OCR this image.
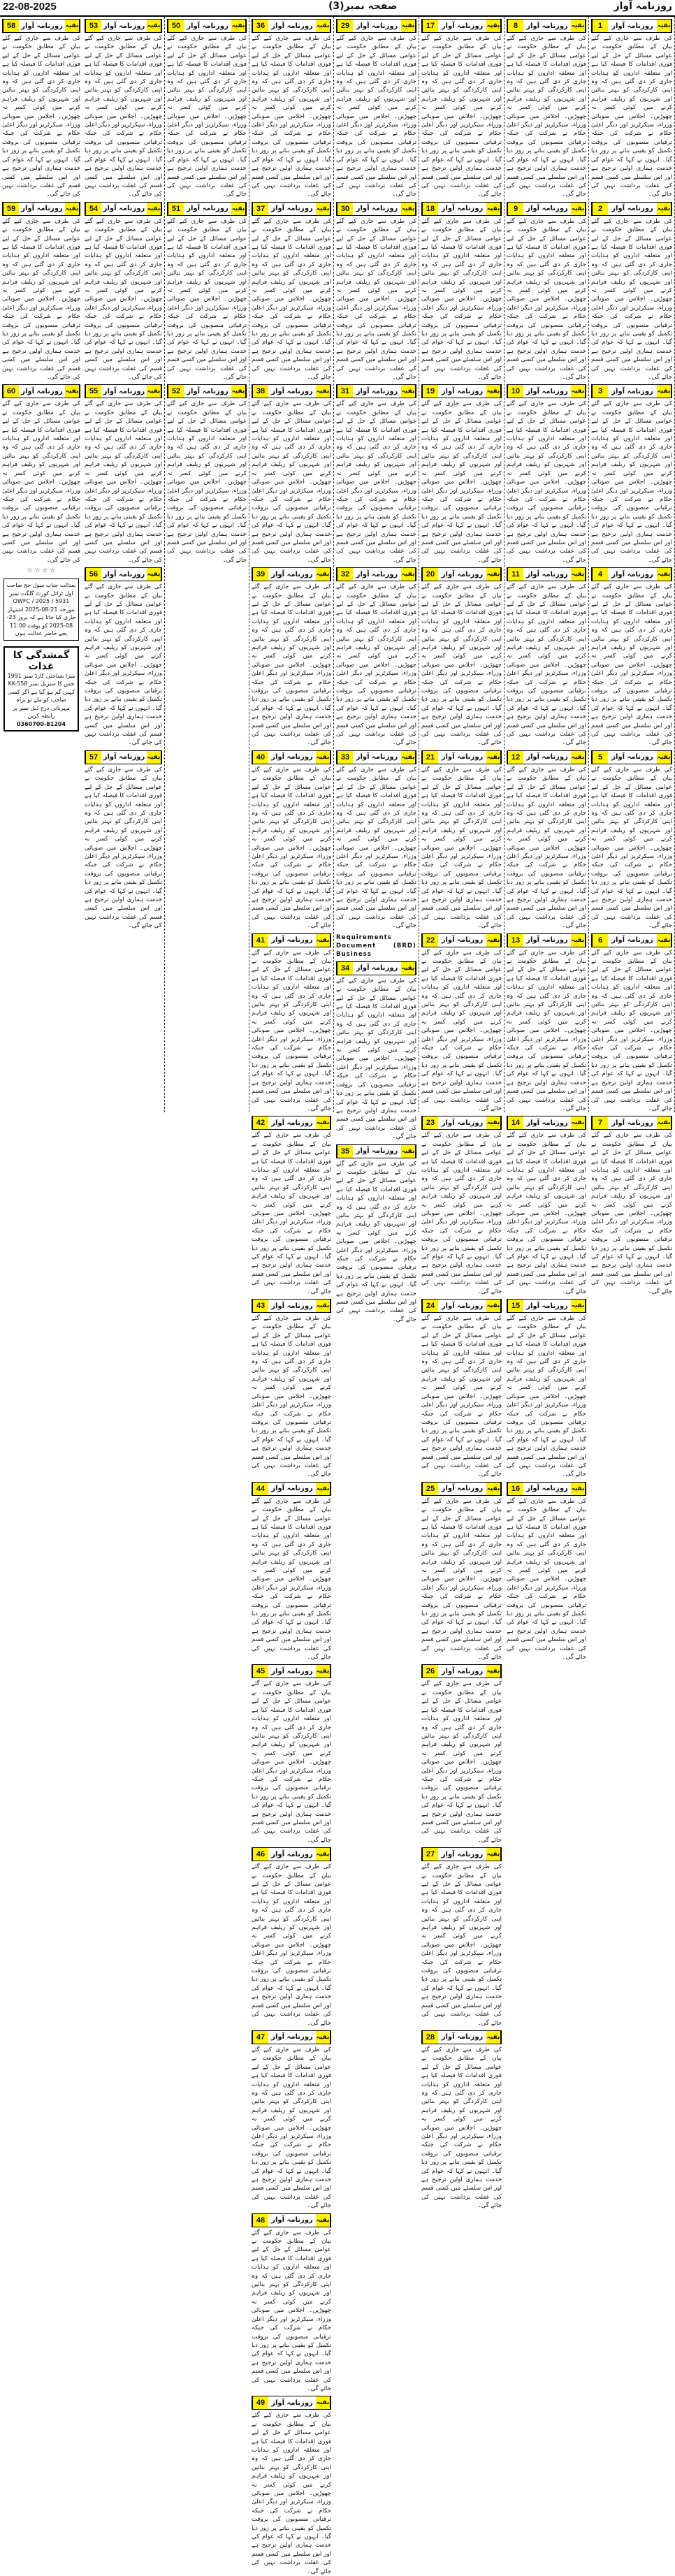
22-08-2025	صفحہ نمبر(3)	روزنامہ آواز
1	روزنامہ آواز بقیہ
کی طرف سے جاری کیے گئے بیان کے مطابق حکومت نے عوامی مسائل کے حل کے لیے فوری اقدامات کا فیصلہ کیا ہے اور متعلقہ اداروں کو ہدایات جاری کر دی گئی ہیں کہ وہ اپنی کارکردگی کو بہتر بنائیں اور شہریوں کو ریلیف فراہم کرنے میں کوئی کسر نہ چھوڑیں۔ اجلاس میں صوبائی وزراء، سیکرٹریز اور دیگر اعلیٰ حکام نے شرکت کی جبکہ ترقیاتی منصوبوں کی بروقت تکمیل کو یقینی بنانے پر زور دیا گیا۔ انہوں نے کہا کہ عوام کی خدمت ہماری اولین ترجیح ہے اور اس سلسلے میں کسی قسم کی غفلت برداشت نہیں کی جائے گی۔
2	روزنامہ آواز بقیہ
کی طرف سے جاری کیے گئے بیان کے مطابق حکومت نے عوامی مسائل کے حل کے لیے فوری اقدامات کا فیصلہ کیا ہے اور متعلقہ اداروں کو ہدایات جاری کر دی گئی ہیں کہ وہ اپنی کارکردگی کو بہتر بنائیں اور شہریوں کو ریلیف فراہم کرنے میں کوئی کسر نہ چھوڑیں۔ اجلاس میں صوبائی وزراء، سیکرٹریز اور دیگر اعلیٰ حکام نے شرکت کی جبکہ ترقیاتی منصوبوں کی بروقت تکمیل کو یقینی بنانے پر زور دیا گیا۔ انہوں نے کہا کہ عوام کی خدمت ہماری اولین ترجیح ہے اور اس سلسلے میں کسی قسم کی غفلت برداشت نہیں کی جائے گی۔
3	روزنامہ آواز بقیہ
کی طرف سے جاری کیے گئے بیان کے مطابق حکومت نے عوامی مسائل کے حل کے لیے فوری اقدامات کا فیصلہ کیا ہے اور متعلقہ اداروں کو ہدایات جاری کر دی گئی ہیں کہ وہ اپنی کارکردگی کو بہتر بنائیں اور شہریوں کو ریلیف فراہم کرنے میں کوئی کسر نہ چھوڑیں۔ اجلاس میں صوبائی وزراء، سیکرٹریز اور دیگر اعلیٰ حکام نے شرکت کی جبکہ ترقیاتی منصوبوں کی بروقت تکمیل کو یقینی بنانے پر زور دیا گیا۔ انہوں نے کہا کہ عوام کی خدمت ہماری اولین ترجیح ہے اور اس سلسلے میں کسی قسم کی غفلت برداشت نہیں کی جائے گی۔
4	روزنامہ آواز بقیہ
کی طرف سے جاری کیے گئے بیان کے مطابق حکومت نے عوامی مسائل کے حل کے لیے فوری اقدامات کا فیصلہ کیا ہے اور متعلقہ اداروں کو ہدایات جاری کر دی گئی ہیں کہ وہ اپنی کارکردگی کو بہتر بنائیں اور شہریوں کو ریلیف فراہم کرنے میں کوئی کسر نہ چھوڑیں۔ اجلاس میں صوبائی وزراء، سیکرٹریز اور دیگر اعلیٰ حکام نے شرکت کی جبکہ ترقیاتی منصوبوں کی بروقت تکمیل کو یقینی بنانے پر زور دیا گیا۔ انہوں نے کہا کہ عوام کی خدمت ہماری اولین ترجیح ہے اور اس سلسلے میں کسی قسم کی غفلت برداشت نہیں کی جائے گی۔
5	روزنامہ آواز بقیہ
کی طرف سے جاری کیے گئے بیان کے مطابق حکومت نے عوامی مسائل کے حل کے لیے فوری اقدامات کا فیصلہ کیا ہے اور متعلقہ اداروں کو ہدایات جاری کر دی گئی ہیں کہ وہ اپنی کارکردگی کو بہتر بنائیں اور شہریوں کو ریلیف فراہم کرنے میں کوئی کسر نہ چھوڑیں۔ اجلاس میں صوبائی وزراء، سیکرٹریز اور دیگر اعلیٰ حکام نے شرکت کی جبکہ ترقیاتی منصوبوں کی بروقت تکمیل کو یقینی بنانے پر زور دیا گیا۔ انہوں نے کہا کہ عوام کی خدمت ہماری اولین ترجیح ہے اور اس سلسلے میں کسی قسم کی غفلت برداشت نہیں کی جائے گی۔
6	روزنامہ آواز بقیہ
کی طرف سے جاری کیے گئے بیان کے مطابق حکومت نے عوامی مسائل کے حل کے لیے فوری اقدامات کا فیصلہ کیا ہے اور متعلقہ اداروں کو ہدایات جاری کر دی گئی ہیں کہ وہ اپنی کارکردگی کو بہتر بنائیں اور شہریوں کو ریلیف فراہم کرنے میں کوئی کسر نہ چھوڑیں۔ اجلاس میں صوبائی وزراء، سیکرٹریز اور دیگر اعلیٰ حکام نے شرکت کی جبکہ ترقیاتی منصوبوں کی بروقت تکمیل کو یقینی بنانے پر زور دیا گیا۔ انہوں نے کہا کہ عوام کی خدمت ہماری اولین ترجیح ہے اور اس سلسلے میں کسی قسم کی غفلت برداشت نہیں کی جائے گی۔
7	روزنامہ آواز بقیہ
کی طرف سے جاری کیے گئے بیان کے مطابق حکومت نے عوامی مسائل کے حل کے لیے فوری اقدامات کا فیصلہ کیا ہے اور متعلقہ اداروں کو ہدایات جاری کر دی گئی ہیں کہ وہ اپنی کارکردگی کو بہتر بنائیں اور شہریوں کو ریلیف فراہم کرنے میں کوئی کسر نہ چھوڑیں۔ اجلاس میں صوبائی وزراء، سیکرٹریز اور دیگر اعلیٰ حکام نے شرکت کی جبکہ ترقیاتی منصوبوں کی بروقت تکمیل کو یقینی بنانے پر زور دیا گیا۔ انہوں نے کہا کہ عوام کی خدمت ہماری اولین ترجیح ہے اور اس سلسلے میں کسی قسم کی غفلت برداشت نہیں کی جائے گی۔
8	روزنامہ آواز بقیہ
کی طرف سے جاری کیے گئے بیان کے مطابق حکومت نے عوامی مسائل کے حل کے لیے فوری اقدامات کا فیصلہ کیا ہے اور متعلقہ اداروں کو ہدایات جاری کر دی گئی ہیں کہ وہ اپنی کارکردگی کو بہتر بنائیں اور شہریوں کو ریلیف فراہم کرنے میں کوئی کسر نہ چھوڑیں۔ اجلاس میں صوبائی وزراء، سیکرٹریز اور دیگر اعلیٰ حکام نے شرکت کی جبکہ ترقیاتی منصوبوں کی بروقت تکمیل کو یقینی بنانے پر زور دیا گیا۔ انہوں نے کہا کہ عوام کی خدمت ہماری اولین ترجیح ہے اور اس سلسلے میں کسی قسم کی غفلت برداشت نہیں کی جائے گی۔
9	روزنامہ آواز بقیہ
کی طرف سے جاری کیے گئے بیان کے مطابق حکومت نے عوامی مسائل کے حل کے لیے فوری اقدامات کا فیصلہ کیا ہے اور متعلقہ اداروں کو ہدایات جاری کر دی گئی ہیں کہ وہ اپنی کارکردگی کو بہتر بنائیں اور شہریوں کو ریلیف فراہم کرنے میں کوئی کسر نہ چھوڑیں۔ اجلاس میں صوبائی وزراء، سیکرٹریز اور دیگر اعلیٰ حکام نے شرکت کی جبکہ ترقیاتی منصوبوں کی بروقت تکمیل کو یقینی بنانے پر زور دیا گیا۔ انہوں نے کہا کہ عوام کی خدمت ہماری اولین ترجیح ہے اور اس سلسلے میں کسی قسم کی غفلت برداشت نہیں کی جائے گی۔
10 روزنامہ آواز بقیہ
کی طرف سے جاری کیے گئے بیان کے مطابق حکومت نے عوامی مسائل کے حل کے لیے فوری اقدامات کا فیصلہ کیا ہے اور متعلقہ اداروں کو ہدایات جاری کر دی گئی ہیں کہ وہ اپنی کارکردگی کو بہتر بنائیں اور شہریوں کو ریلیف فراہم کرنے میں کوئی کسر نہ چھوڑیں۔ اجلاس میں صوبائی وزراء، سیکرٹریز اور دیگر اعلیٰ حکام نے شرکت کی جبکہ ترقیاتی منصوبوں کی بروقت تکمیل کو یقینی بنانے پر زور دیا گیا۔ انہوں نے کہا کہ عوام کی خدمت ہماری اولین ترجیح ہے اور اس سلسلے میں کسی قسم کی غفلت برداشت نہیں کی جائے گی۔
11 روزنامہ آواز بقیہ
کی طرف سے جاری کیے گئے بیان کے مطابق حکومت نے عوامی مسائل کے حل کے لیے فوری اقدامات کا فیصلہ کیا ہے اور متعلقہ اداروں کو ہدایات جاری کر دی گئی ہیں کہ وہ اپنی کارکردگی کو بہتر بنائیں اور شہریوں کو ریلیف فراہم کرنے میں کوئی کسر نہ چھوڑیں۔ اجلاس میں صوبائی وزراء، سیکرٹریز اور دیگر اعلیٰ حکام نے شرکت کی جبکہ ترقیاتی منصوبوں کی بروقت تکمیل کو یقینی بنانے پر زور دیا گیا۔ انہوں نے کہا کہ عوام کی خدمت ہماری اولین ترجیح ہے اور اس سلسلے میں کسی قسم کی غفلت برداشت نہیں کی جائے گی۔
12 روزنامہ آواز بقیہ
کی طرف سے جاری کیے گئے بیان کے مطابق حکومت نے عوامی مسائل کے حل کے لیے فوری اقدامات کا فیصلہ کیا ہے اور متعلقہ اداروں کو ہدایات جاری کر دی گئی ہیں کہ وہ اپنی کارکردگی کو بہتر بنائیں اور شہریوں کو ریلیف فراہم کرنے میں کوئی کسر نہ چھوڑیں۔ اجلاس میں صوبائی وزراء، سیکرٹریز اور دیگر اعلیٰ حکام نے شرکت کی جبکہ ترقیاتی منصوبوں کی بروقت تکمیل کو یقینی بنانے پر زور دیا گیا۔ انہوں نے کہا کہ عوام کی خدمت ہماری اولین ترجیح ہے اور اس سلسلے میں کسی قسم کی غفلت برداشت نہیں کی جائے گی۔
13 روزنامہ آواز بقیہ
کی طرف سے جاری کیے گئے بیان کے مطابق حکومت نے عوامی مسائل کے حل کے لیے فوری اقدامات کا فیصلہ کیا ہے اور متعلقہ اداروں کو ہدایات جاری کر دی گئی ہیں کہ وہ اپنی کارکردگی کو بہتر بنائیں اور شہریوں کو ریلیف فراہم کرنے میں کوئی کسر نہ چھوڑیں۔ اجلاس میں صوبائی وزراء، سیکرٹریز اور دیگر اعلیٰ حکام نے شرکت کی جبکہ ترقیاتی منصوبوں کی بروقت تکمیل کو یقینی بنانے پر زور دیا گیا۔ انہوں نے کہا کہ عوام کی خدمت ہماری اولین ترجیح ہے اور اس سلسلے میں کسی قسم کی غفلت برداشت نہیں کی جائے گی۔
14 روزنامہ آواز بقیہ
کی طرف سے جاری کیے گئے بیان کے مطابق حکومت نے عوامی مسائل کے حل کے لیے فوری اقدامات کا فیصلہ کیا ہے اور متعلقہ اداروں کو ہدایات جاری کر دی گئی ہیں کہ وہ اپنی کارکردگی کو بہتر بنائیں اور شہریوں کو ریلیف فراہم کرنے میں کوئی کسر نہ چھوڑیں۔ اجلاس میں صوبائی وزراء، سیکرٹریز اور دیگر اعلیٰ حکام نے شرکت کی جبکہ ترقیاتی منصوبوں کی بروقت تکمیل کو یقینی بنانے پر زور دیا گیا۔ انہوں نے کہا کہ عوام کی خدمت ہماری اولین ترجیح ہے اور اس سلسلے میں کسی قسم کی غفلت برداشت نہیں کی جائے گی۔
15 روزنامہ آواز بقیہ
کی طرف سے جاری کیے گئے بیان کے مطابق حکومت نے عوامی مسائل کے حل کے لیے فوری اقدامات کا فیصلہ کیا ہے اور متعلقہ اداروں کو ہدایات جاری کر دی گئی ہیں کہ وہ اپنی کارکردگی کو بہتر بنائیں اور شہریوں کو ریلیف فراہم کرنے میں کوئی کسر نہ چھوڑیں۔ اجلاس میں صوبائی وزراء، سیکرٹریز اور دیگر اعلیٰ حکام نے شرکت کی جبکہ ترقیاتی منصوبوں کی بروقت تکمیل کو یقینی بنانے پر زور دیا گیا۔ انہوں نے کہا کہ عوام کی خدمت ہماری اولین ترجیح ہے اور اس سلسلے میں کسی قسم کی غفلت برداشت نہیں کی جائے گی۔
16 روزنامہ آواز بقیہ
کی طرف سے جاری کیے گئے بیان کے مطابق حکومت نے عوامی مسائل کے حل کے لیے فوری اقدامات کا فیصلہ کیا ہے اور متعلقہ اداروں کو ہدایات جاری کر دی گئی ہیں کہ وہ اپنی کارکردگی کو بہتر بنائیں اور شہریوں کو ریلیف فراہم کرنے میں کوئی کسر نہ چھوڑیں۔ اجلاس میں صوبائی وزراء، سیکرٹریز اور دیگر اعلیٰ حکام نے شرکت کی جبکہ ترقیاتی منصوبوں کی بروقت تکمیل کو یقینی بنانے پر زور دیا گیا۔ انہوں نے کہا کہ عوام کی خدمت ہماری اولین ترجیح ہے اور اس سلسلے میں کسی قسم کی غفلت برداشت نہیں کی جائے گی۔
17 روزنامہ آواز بقیہ
کی طرف سے جاری کیے گئے بیان کے مطابق حکومت نے عوامی مسائل کے حل کے لیے فوری اقدامات کا فیصلہ کیا ہے اور متعلقہ اداروں کو ہدایات جاری کر دی گئی ہیں کہ وہ اپنی کارکردگی کو بہتر بنائیں اور شہریوں کو ریلیف فراہم کرنے میں کوئی کسر نہ چھوڑیں۔ اجلاس میں صوبائی وزراء، سیکرٹریز اور دیگر اعلیٰ حکام نے شرکت کی جبکہ ترقیاتی منصوبوں کی بروقت تکمیل کو یقینی بنانے پر زور دیا گیا۔ انہوں نے کہا کہ عوام کی خدمت ہماری اولین ترجیح ہے اور اس سلسلے میں کسی قسم کی غفلت برداشت نہیں کی جائے گی۔
18 روزنامہ آواز بقیہ
کی طرف سے جاری کیے گئے بیان کے مطابق حکومت نے عوامی مسائل کے حل کے لیے فوری اقدامات کا فیصلہ کیا ہے اور متعلقہ اداروں کو ہدایات جاری کر دی گئی ہیں کہ وہ اپنی کارکردگی کو بہتر بنائیں اور شہریوں کو ریلیف فراہم کرنے میں کوئی کسر نہ چھوڑیں۔ اجلاس میں صوبائی وزراء، سیکرٹریز اور دیگر اعلیٰ حکام نے شرکت کی جبکہ ترقیاتی منصوبوں کی بروقت تکمیل کو یقینی بنانے پر زور دیا گیا۔ انہوں نے کہا کہ عوام کی خدمت ہماری اولین ترجیح ہے اور اس سلسلے میں کسی قسم کی غفلت برداشت نہیں کی جائے گی۔
19 روزنامہ آواز بقیہ
کی طرف سے جاری کیے گئے بیان کے مطابق حکومت نے عوامی مسائل کے حل کے لیے فوری اقدامات کا فیصلہ کیا ہے اور متعلقہ اداروں کو ہدایات جاری کر دی گئی ہیں کہ وہ اپنی کارکردگی کو بہتر بنائیں اور شہریوں کو ریلیف فراہم کرنے میں کوئی کسر نہ چھوڑیں۔ اجلاس میں صوبائی وزراء، سیکرٹریز اور دیگر اعلیٰ حکام نے شرکت کی جبکہ ترقیاتی منصوبوں کی بروقت تکمیل کو یقینی بنانے پر زور دیا گیا۔ انہوں نے کہا کہ عوام کی خدمت ہماری اولین ترجیح ہے اور اس سلسلے میں کسی قسم کی غفلت برداشت نہیں کی جائے گی۔
20 روزنامہ آواز بقیہ
کی طرف سے جاری کیے گئے بیان کے مطابق حکومت نے عوامی مسائل کے حل کے لیے فوری اقدامات کا فیصلہ کیا ہے اور متعلقہ اداروں کو ہدایات جاری کر دی گئی ہیں کہ وہ اپنی کارکردگی کو بہتر بنائیں اور شہریوں کو ریلیف فراہم کرنے میں کوئی کسر نہ چھوڑیں۔ اجلاس میں صوبائی وزراء، سیکرٹریز اور دیگر اعلیٰ حکام نے شرکت کی جبکہ ترقیاتی منصوبوں کی بروقت تکمیل کو یقینی بنانے پر زور دیا گیا۔ انہوں نے کہا کہ عوام کی خدمت ہماری اولین ترجیح ہے اور اس سلسلے میں کسی قسم کی غفلت برداشت نہیں کی جائے گی۔
21 روزنامہ آواز بقیہ
کی طرف سے جاری کیے گئے بیان کے مطابق حکومت نے عوامی مسائل کے حل کے لیے فوری اقدامات کا فیصلہ کیا ہے اور متعلقہ اداروں کو ہدایات جاری کر دی گئی ہیں کہ وہ اپنی کارکردگی کو بہتر بنائیں اور شہریوں کو ریلیف فراہم کرنے میں کوئی کسر نہ چھوڑیں۔ اجلاس میں صوبائی وزراء، سیکرٹریز اور دیگر اعلیٰ حکام نے شرکت کی جبکہ ترقیاتی منصوبوں کی بروقت تکمیل کو یقینی بنانے پر زور دیا گیا۔ انہوں نے کہا کہ عوام کی خدمت ہماری اولین ترجیح ہے اور اس سلسلے میں کسی قسم کی غفلت برداشت نہیں کی جائے گی۔
22 روزنامہ آواز بقیہ
کی طرف سے جاری کیے گئے بیان کے مطابق حکومت نے عوامی مسائل کے حل کے لیے فوری اقدامات کا فیصلہ کیا ہے اور متعلقہ اداروں کو ہدایات جاری کر دی گئی ہیں کہ وہ اپنی کارکردگی کو بہتر بنائیں اور شہریوں کو ریلیف فراہم کرنے میں کوئی کسر نہ چھوڑیں۔ اجلاس میں صوبائی وزراء، سیکرٹریز اور دیگر اعلیٰ حکام نے شرکت کی جبکہ ترقیاتی منصوبوں کی بروقت تکمیل کو یقینی بنانے پر زور دیا گیا۔ انہوں نے کہا کہ عوام کی خدمت ہماری اولین ترجیح ہے اور اس سلسلے میں کسی قسم کی غفلت برداشت نہیں کی جائے گی۔
23 روزنامہ آواز بقیہ
کی طرف سے جاری کیے گئے بیان کے مطابق حکومت نے عوامی مسائل کے حل کے لیے فوری اقدامات کا فیصلہ کیا ہے اور متعلقہ اداروں کو ہدایات جاری کر دی گئی ہیں کہ وہ اپنی کارکردگی کو بہتر بنائیں اور شہریوں کو ریلیف فراہم کرنے میں کوئی کسر نہ چھوڑیں۔ اجلاس میں صوبائی وزراء، سیکرٹریز اور دیگر اعلیٰ حکام نے شرکت کی جبکہ ترقیاتی منصوبوں کی بروقت تکمیل کو یقینی بنانے پر زور دیا گیا۔ انہوں نے کہا کہ عوام کی خدمت ہماری اولین ترجیح ہے اور اس سلسلے میں کسی قسم کی غفلت برداشت نہیں کی جائے گی۔
24 روزنامہ آواز بقیہ
کی طرف سے جاری کیے گئے بیان کے مطابق حکومت نے عوامی مسائل کے حل کے لیے فوری اقدامات کا فیصلہ کیا ہے اور متعلقہ اداروں کو ہدایات جاری کر دی گئی ہیں کہ وہ اپنی کارکردگی کو بہتر بنائیں اور شہریوں کو ریلیف فراہم کرنے میں کوئی کسر نہ چھوڑیں۔ اجلاس میں صوبائی وزراء، سیکرٹریز اور دیگر اعلیٰ حکام نے شرکت کی جبکہ ترقیاتی منصوبوں کی بروقت تکمیل کو یقینی بنانے پر زور دیا گیا۔ انہوں نے کہا کہ عوام کی خدمت ہماری اولین ترجیح ہے اور اس سلسلے میں کسی قسم کی غفلت برداشت نہیں کی جائے گی۔
25 روزنامہ آواز بقیہ
کی طرف سے جاری کیے گئے بیان کے مطابق حکومت نے عوامی مسائل کے حل کے لیے فوری اقدامات کا فیصلہ کیا ہے اور متعلقہ اداروں کو ہدایات جاری کر دی گئی ہیں کہ وہ اپنی کارکردگی کو بہتر بنائیں اور شہریوں کو ریلیف فراہم کرنے میں کوئی کسر نہ چھوڑیں۔ اجلاس میں صوبائی وزراء، سیکرٹریز اور دیگر اعلیٰ حکام نے شرکت کی جبکہ ترقیاتی منصوبوں کی بروقت تکمیل کو یقینی بنانے پر زور دیا گیا۔ انہوں نے کہا کہ عوام کی خدمت ہماری اولین ترجیح ہے اور اس سلسلے میں کسی قسم کی غفلت برداشت نہیں کی جائے گی۔
26 روزنامہ آواز بقیہ
کی طرف سے جاری کیے گئے بیان کے مطابق حکومت نے عوامی مسائل کے حل کے لیے فوری اقدامات کا فیصلہ کیا ہے اور متعلقہ اداروں کو ہدایات جاری کر دی گئی ہیں کہ وہ اپنی کارکردگی کو بہتر بنائیں اور شہریوں کو ریلیف فراہم کرنے میں کوئی کسر نہ چھوڑیں۔ اجلاس میں صوبائی وزراء، سیکرٹریز اور دیگر اعلیٰ حکام نے شرکت کی جبکہ ترقیاتی منصوبوں کی بروقت تکمیل کو یقینی بنانے پر زور دیا گیا۔ انہوں نے کہا کہ عوام کی خدمت ہماری اولین ترجیح ہے اور اس سلسلے میں کسی قسم کی غفلت برداشت نہیں کی جائے گی۔
27 روزنامہ آواز بقیہ
کی طرف سے جاری کیے گئے بیان کے مطابق حکومت نے عوامی مسائل کے حل کے لیے فوری اقدامات کا فیصلہ کیا ہے اور متعلقہ اداروں کو ہدایات جاری کر دی گئی ہیں کہ وہ اپنی کارکردگی کو بہتر بنائیں اور شہریوں کو ریلیف فراہم کرنے میں کوئی کسر نہ چھوڑیں۔ اجلاس میں صوبائی وزراء، سیکرٹریز اور دیگر اعلیٰ حکام نے شرکت کی جبکہ ترقیاتی منصوبوں کی بروقت تکمیل کو یقینی بنانے پر زور دیا گیا۔ انہوں نے کہا کہ عوام کی خدمت ہماری اولین ترجیح ہے اور اس سلسلے میں کسی قسم کی غفلت برداشت نہیں کی جائے گی۔
28 روزنامہ آواز بقیہ
کی طرف سے جاری کیے گئے بیان کے مطابق حکومت نے عوامی مسائل کے حل کے لیے فوری اقدامات کا فیصلہ کیا ہے اور متعلقہ اداروں کو ہدایات جاری کر دی گئی ہیں کہ وہ اپنی کارکردگی کو بہتر بنائیں اور شہریوں کو ریلیف فراہم کرنے میں کوئی کسر نہ چھوڑیں۔ اجلاس میں صوبائی وزراء، سیکرٹریز اور دیگر اعلیٰ حکام نے شرکت کی جبکہ ترقیاتی منصوبوں کی بروقت تکمیل کو یقینی بنانے پر زور دیا گیا۔ انہوں نے کہا کہ عوام کی خدمت ہماری اولین ترجیح ہے اور اس سلسلے میں کسی قسم کی غفلت برداشت نہیں کی جائے گی۔
29 روزنامہ آواز بقیہ
کی طرف سے جاری کیے گئے بیان کے مطابق حکومت نے عوامی مسائل کے حل کے لیے فوری اقدامات کا فیصلہ کیا ہے اور متعلقہ اداروں کو ہدایات جاری کر دی گئی ہیں کہ وہ اپنی کارکردگی کو بہتر بنائیں اور شہریوں کو ریلیف فراہم کرنے میں کوئی کسر نہ چھوڑیں۔ اجلاس میں صوبائی وزراء، سیکرٹریز اور دیگر اعلیٰ حکام نے شرکت کی جبکہ ترقیاتی منصوبوں کی بروقت تکمیل کو یقینی بنانے پر زور دیا گیا۔ انہوں نے کہا کہ عوام کی خدمت ہماری اولین ترجیح ہے اور اس سلسلے میں کسی قسم کی غفلت برداشت نہیں کی جائے گی۔
30 روزنامہ آواز بقیہ
کی طرف سے جاری کیے گئے بیان کے مطابق حکومت نے عوامی مسائل کے حل کے لیے فوری اقدامات کا فیصلہ کیا ہے اور متعلقہ اداروں کو ہدایات جاری کر دی گئی ہیں کہ وہ اپنی کارکردگی کو بہتر بنائیں اور شہریوں کو ریلیف فراہم کرنے میں کوئی کسر نہ چھوڑیں۔ اجلاس میں صوبائی وزراء، سیکرٹریز اور دیگر اعلیٰ حکام نے شرکت کی جبکہ ترقیاتی منصوبوں کی بروقت تکمیل کو یقینی بنانے پر زور دیا گیا۔ انہوں نے کہا کہ عوام کی خدمت ہماری اولین ترجیح ہے اور اس سلسلے میں کسی قسم کی غفلت برداشت نہیں کی جائے گی۔
31 روزنامہ آواز بقیہ
کی طرف سے جاری کیے گئے بیان کے مطابق حکومت نے عوامی مسائل کے حل کے لیے فوری اقدامات کا فیصلہ کیا ہے اور متعلقہ اداروں کو ہدایات جاری کر دی گئی ہیں کہ وہ اپنی کارکردگی کو بہتر بنائیں اور شہریوں کو ریلیف فراہم کرنے میں کوئی کسر نہ چھوڑیں۔ اجلاس میں صوبائی وزراء، سیکرٹریز اور دیگر اعلیٰ حکام نے شرکت کی جبکہ ترقیاتی منصوبوں کی بروقت تکمیل کو یقینی بنانے پر زور دیا گیا۔ انہوں نے کہا کہ عوام کی خدمت ہماری اولین ترجیح ہے اور اس سلسلے میں کسی قسم کی غفلت برداشت نہیں کی جائے گی۔
32 روزنامہ آواز بقیہ
کی طرف سے جاری کیے گئے بیان کے مطابق حکومت نے عوامی مسائل کے حل کے لیے فوری اقدامات کا فیصلہ کیا ہے اور متعلقہ اداروں کو ہدایات جاری کر دی گئی ہیں کہ وہ اپنی کارکردگی کو بہتر بنائیں اور شہریوں کو ریلیف فراہم کرنے میں کوئی کسر نہ چھوڑیں۔ اجلاس میں صوبائی وزراء، سیکرٹریز اور دیگر اعلیٰ حکام نے شرکت کی جبکہ ترقیاتی منصوبوں کی بروقت تکمیل کو یقینی بنانے پر زور دیا گیا۔ انہوں نے کہا کہ عوام کی خدمت ہماری اولین ترجیح ہے اور اس سلسلے میں کسی قسم کی غفلت برداشت نہیں کی جائے گی۔
33 روزنامہ آواز بقیہ
کی طرف سے جاری کیے گئے بیان کے مطابق حکومت نے عوامی مسائل کے حل کے لیے فوری اقدامات کا فیصلہ کیا ہے اور متعلقہ اداروں کو ہدایات جاری کر دی گئی ہیں کہ وہ اپنی کارکردگی کو بہتر بنائیں اور شہریوں کو ریلیف فراہم کرنے میں کوئی کسر نہ چھوڑیں۔ اجلاس میں صوبائی وزراء، سیکرٹریز اور دیگر اعلیٰ حکام نے شرکت کی جبکہ ترقیاتی منصوبوں کی بروقت تکمیل کو یقینی بنانے پر زور دیا گیا۔ انہوں نے کہا کہ عوام کی خدمت ہماری اولین ترجیح ہے اور اس سلسلے میں کسی قسم کی غفلت برداشت نہیں کی جائے گی۔
Requirements Document (BRD) Business
34 روزنامہ آواز بقیہ
کی طرف سے جاری کیے گئے بیان کے مطابق حکومت نے عوامی مسائل کے حل کے لیے فوری اقدامات کا فیصلہ کیا ہے اور متعلقہ اداروں کو ہدایات جاری کر دی گئی ہیں کہ وہ اپنی کارکردگی کو بہتر بنائیں اور شہریوں کو ریلیف فراہم کرنے میں کوئی کسر نہ چھوڑیں۔ اجلاس میں صوبائی وزراء، سیکرٹریز اور دیگر اعلیٰ حکام نے شرکت کی جبکہ ترقیاتی منصوبوں کی بروقت تکمیل کو یقینی بنانے پر زور دیا گیا۔ انہوں نے کہا کہ عوام کی خدمت ہماری اولین ترجیح ہے اور اس سلسلے میں کسی قسم کی غفلت برداشت نہیں کی جائے گی۔
35 روزنامہ آواز بقیہ
کی طرف سے جاری کیے گئے بیان کے مطابق حکومت نے عوامی مسائل کے حل کے لیے فوری اقدامات کا فیصلہ کیا ہے اور متعلقہ اداروں کو ہدایات جاری کر دی گئی ہیں کہ وہ اپنی کارکردگی کو بہتر بنائیں اور شہریوں کو ریلیف فراہم کرنے میں کوئی کسر نہ چھوڑیں۔ اجلاس میں صوبائی وزراء، سیکرٹریز اور دیگر اعلیٰ حکام نے شرکت کی جبکہ ترقیاتی منصوبوں کی بروقت تکمیل کو یقینی بنانے پر زور دیا گیا۔ انہوں نے کہا کہ عوام کی خدمت ہماری اولین ترجیح ہے اور اس سلسلے میں کسی قسم کی غفلت برداشت نہیں کی جائے گی۔
36 روزنامہ آواز بقیہ
کی طرف سے جاری کیے گئے بیان کے مطابق حکومت نے عوامی مسائل کے حل کے لیے فوری اقدامات کا فیصلہ کیا ہے اور متعلقہ اداروں کو ہدایات جاری کر دی گئی ہیں کہ وہ اپنی کارکردگی کو بہتر بنائیں اور شہریوں کو ریلیف فراہم کرنے میں کوئی کسر نہ چھوڑیں۔ اجلاس میں صوبائی وزراء، سیکرٹریز اور دیگر اعلیٰ حکام نے شرکت کی جبکہ ترقیاتی منصوبوں کی بروقت تکمیل کو یقینی بنانے پر زور دیا گیا۔ انہوں نے کہا کہ عوام کی خدمت ہماری اولین ترجیح ہے اور اس سلسلے میں کسی قسم کی غفلت برداشت نہیں کی جائے گی۔
37 روزنامہ آواز بقیہ
کی طرف سے جاری کیے گئے بیان کے مطابق حکومت نے عوامی مسائل کے حل کے لیے فوری اقدامات کا فیصلہ کیا ہے اور متعلقہ اداروں کو ہدایات جاری کر دی گئی ہیں کہ وہ اپنی کارکردگی کو بہتر بنائیں اور شہریوں کو ریلیف فراہم کرنے میں کوئی کسر نہ چھوڑیں۔ اجلاس میں صوبائی وزراء، سیکرٹریز اور دیگر اعلیٰ حکام نے شرکت کی جبکہ ترقیاتی منصوبوں کی بروقت تکمیل کو یقینی بنانے پر زور دیا گیا۔ انہوں نے کہا کہ عوام کی خدمت ہماری اولین ترجیح ہے اور اس سلسلے میں کسی قسم کی غفلت برداشت نہیں کی جائے گی۔
38 روزنامہ آواز بقیہ
کی طرف سے جاری کیے گئے بیان کے مطابق حکومت نے عوامی مسائل کے حل کے لیے فوری اقدامات کا فیصلہ کیا ہے اور متعلقہ اداروں کو ہدایات جاری کر دی گئی ہیں کہ وہ اپنی کارکردگی کو بہتر بنائیں اور شہریوں کو ریلیف فراہم کرنے میں کوئی کسر نہ چھوڑیں۔ اجلاس میں صوبائی وزراء، سیکرٹریز اور دیگر اعلیٰ حکام نے شرکت کی جبکہ ترقیاتی منصوبوں کی بروقت تکمیل کو یقینی بنانے پر زور دیا گیا۔ انہوں نے کہا کہ عوام کی خدمت ہماری اولین ترجیح ہے اور اس سلسلے میں کسی قسم کی غفلت برداشت نہیں کی جائے گی۔
39 روزنامہ آواز بقیہ
کی طرف سے جاری کیے گئے بیان کے مطابق حکومت نے عوامی مسائل کے حل کے لیے فوری اقدامات کا فیصلہ کیا ہے اور متعلقہ اداروں کو ہدایات جاری کر دی گئی ہیں کہ وہ اپنی کارکردگی کو بہتر بنائیں اور شہریوں کو ریلیف فراہم کرنے میں کوئی کسر نہ چھوڑیں۔ اجلاس میں صوبائی وزراء، سیکرٹریز اور دیگر اعلیٰ حکام نے شرکت کی جبکہ ترقیاتی منصوبوں کی بروقت تکمیل کو یقینی بنانے پر زور دیا گیا۔ انہوں نے کہا کہ عوام کی خدمت ہماری اولین ترجیح ہے اور اس سلسلے میں کسی قسم کی غفلت برداشت نہیں کی جائے گی۔
40 روزنامہ آواز بقیہ
کی طرف سے جاری کیے گئے بیان کے مطابق حکومت نے عوامی مسائل کے حل کے لیے فوری اقدامات کا فیصلہ کیا ہے اور متعلقہ اداروں کو ہدایات جاری کر دی گئی ہیں کہ وہ اپنی کارکردگی کو بہتر بنائیں اور شہریوں کو ریلیف فراہم کرنے میں کوئی کسر نہ چھوڑیں۔ اجلاس میں صوبائی وزراء، سیکرٹریز اور دیگر اعلیٰ حکام نے شرکت کی جبکہ ترقیاتی منصوبوں کی بروقت تکمیل کو یقینی بنانے پر زور دیا گیا۔ انہوں نے کہا کہ عوام کی خدمت ہماری اولین ترجیح ہے اور اس سلسلے میں کسی قسم کی غفلت برداشت نہیں کی جائے گی۔
41 روزنامہ آواز بقیہ
کی طرف سے جاری کیے گئے بیان کے مطابق حکومت نے عوامی مسائل کے حل کے لیے فوری اقدامات کا فیصلہ کیا ہے اور متعلقہ اداروں کو ہدایات جاری کر دی گئی ہیں کہ وہ اپنی کارکردگی کو بہتر بنائیں اور شہریوں کو ریلیف فراہم کرنے میں کوئی کسر نہ چھوڑیں۔ اجلاس میں صوبائی وزراء، سیکرٹریز اور دیگر اعلیٰ حکام نے شرکت کی جبکہ ترقیاتی منصوبوں کی بروقت تکمیل کو یقینی بنانے پر زور دیا گیا۔ انہوں نے کہا کہ عوام کی خدمت ہماری اولین ترجیح ہے اور اس سلسلے میں کسی قسم کی غفلت برداشت نہیں کی جائے گی۔
42 روزنامہ آواز بقیہ
کی طرف سے جاری کیے گئے بیان کے مطابق حکومت نے عوامی مسائل کے حل کے لیے فوری اقدامات کا فیصلہ کیا ہے اور متعلقہ اداروں کو ہدایات جاری کر دی گئی ہیں کہ وہ اپنی کارکردگی کو بہتر بنائیں اور شہریوں کو ریلیف فراہم کرنے میں کوئی کسر نہ چھوڑیں۔ اجلاس میں صوبائی وزراء، سیکرٹریز اور دیگر اعلیٰ حکام نے شرکت کی جبکہ ترقیاتی منصوبوں کی بروقت تکمیل کو یقینی بنانے پر زور دیا گیا۔ انہوں نے کہا کہ عوام کی خدمت ہماری اولین ترجیح ہے اور اس سلسلے میں کسی قسم کی غفلت برداشت نہیں کی جائے گی۔
43 روزنامہ آواز بقیہ
کی طرف سے جاری کیے گئے بیان کے مطابق حکومت نے عوامی مسائل کے حل کے لیے فوری اقدامات کا فیصلہ کیا ہے اور متعلقہ اداروں کو ہدایات جاری کر دی گئی ہیں کہ وہ اپنی کارکردگی کو بہتر بنائیں اور شہریوں کو ریلیف فراہم کرنے میں کوئی کسر نہ چھوڑیں۔ اجلاس میں صوبائی وزراء، سیکرٹریز اور دیگر اعلیٰ حکام نے شرکت کی جبکہ ترقیاتی منصوبوں کی بروقت تکمیل کو یقینی بنانے پر زور دیا گیا۔ انہوں نے کہا کہ عوام کی خدمت ہماری اولین ترجیح ہے اور اس سلسلے میں کسی قسم کی غفلت برداشت نہیں کی جائے گی۔
44 روزنامہ آواز بقیہ
کی طرف سے جاری کیے گئے بیان کے مطابق حکومت نے عوامی مسائل کے حل کے لیے فوری اقدامات کا فیصلہ کیا ہے اور متعلقہ اداروں کو ہدایات جاری کر دی گئی ہیں کہ وہ اپنی کارکردگی کو بہتر بنائیں اور شہریوں کو ریلیف فراہم کرنے میں کوئی کسر نہ چھوڑیں۔ اجلاس میں صوبائی وزراء، سیکرٹریز اور دیگر اعلیٰ حکام نے شرکت کی جبکہ ترقیاتی منصوبوں کی بروقت تکمیل کو یقینی بنانے پر زور دیا گیا۔ انہوں نے کہا کہ عوام کی خدمت ہماری اولین ترجیح ہے اور اس سلسلے میں کسی قسم کی غفلت برداشت نہیں کی جائے گی۔
45 روزنامہ آواز بقیہ
کی طرف سے جاری کیے گئے بیان کے مطابق حکومت نے عوامی مسائل کے حل کے لیے فوری اقدامات کا فیصلہ کیا ہے اور متعلقہ اداروں کو ہدایات جاری کر دی گئی ہیں کہ وہ اپنی کارکردگی کو بہتر بنائیں اور شہریوں کو ریلیف فراہم کرنے میں کوئی کسر نہ چھوڑیں۔ اجلاس میں صوبائی وزراء، سیکرٹریز اور دیگر اعلیٰ حکام نے شرکت کی جبکہ ترقیاتی منصوبوں کی بروقت تکمیل کو یقینی بنانے پر زور دیا گیا۔ انہوں نے کہا کہ عوام کی خدمت ہماری اولین ترجیح ہے اور اس سلسلے میں کسی قسم کی غفلت برداشت نہیں کی جائے گی۔
46 روزنامہ آواز بقیہ
کی طرف سے جاری کیے گئے بیان کے مطابق حکومت نے عوامی مسائل کے حل کے لیے فوری اقدامات کا فیصلہ کیا ہے اور متعلقہ اداروں کو ہدایات جاری کر دی گئی ہیں کہ وہ اپنی کارکردگی کو بہتر بنائیں اور شہریوں کو ریلیف فراہم کرنے میں کوئی کسر نہ چھوڑیں۔ اجلاس میں صوبائی وزراء، سیکرٹریز اور دیگر اعلیٰ حکام نے شرکت کی جبکہ ترقیاتی منصوبوں کی بروقت تکمیل کو یقینی بنانے پر زور دیا گیا۔ انہوں نے کہا کہ عوام کی خدمت ہماری اولین ترجیح ہے اور اس سلسلے میں کسی قسم کی غفلت برداشت نہیں کی جائے گی۔
47 روزنامہ آواز بقیہ
کی طرف سے جاری کیے گئے بیان کے مطابق حکومت نے عوامی مسائل کے حل کے لیے فوری اقدامات کا فیصلہ کیا ہے اور متعلقہ اداروں کو ہدایات جاری کر دی گئی ہیں کہ وہ اپنی کارکردگی کو بہتر بنائیں اور شہریوں کو ریلیف فراہم کرنے میں کوئی کسر نہ چھوڑیں۔ اجلاس میں صوبائی وزراء، سیکرٹریز اور دیگر اعلیٰ حکام نے شرکت کی جبکہ ترقیاتی منصوبوں کی بروقت تکمیل کو یقینی بنانے پر زور دیا گیا۔ انہوں نے کہا کہ عوام کی خدمت ہماری اولین ترجیح ہے اور اس سلسلے میں کسی قسم کی غفلت برداشت نہیں کی جائے گی۔
48 روزنامہ آواز بقیہ
کی طرف سے جاری کیے گئے بیان کے مطابق حکومت نے عوامی مسائل کے حل کے لیے فوری اقدامات کا فیصلہ کیا ہے اور متعلقہ اداروں کو ہدایات جاری کر دی گئی ہیں کہ وہ اپنی کارکردگی کو بہتر بنائیں اور شہریوں کو ریلیف فراہم کرنے میں کوئی کسر نہ چھوڑیں۔ اجلاس میں صوبائی وزراء، سیکرٹریز اور دیگر اعلیٰ حکام نے شرکت کی جبکہ ترقیاتی منصوبوں کی بروقت تکمیل کو یقینی بنانے پر زور دیا گیا۔ انہوں نے کہا کہ عوام کی خدمت ہماری اولین ترجیح ہے اور اس سلسلے میں کسی قسم کی غفلت برداشت نہیں کی جائے گی۔
49 روزنامہ آواز بقیہ
کی طرف سے جاری کیے گئے بیان کے مطابق حکومت نے عوامی مسائل کے حل کے لیے فوری اقدامات کا فیصلہ کیا ہے اور متعلقہ اداروں کو ہدایات جاری کر دی گئی ہیں کہ وہ اپنی کارکردگی کو بہتر بنائیں اور شہریوں کو ریلیف فراہم کرنے میں کوئی کسر نہ چھوڑیں۔ اجلاس میں صوبائی وزراء، سیکرٹریز اور دیگر اعلیٰ حکام نے شرکت کی جبکہ ترقیاتی منصوبوں کی بروقت تکمیل کو یقینی بنانے پر زور دیا گیا۔ انہوں نے کہا کہ عوام کی خدمت ہماری اولین ترجیح ہے اور اس سلسلے میں کسی قسم کی غفلت برداشت نہیں کی جائے گی۔
50 روزنامہ آواز بقیہ
کی طرف سے جاری کیے گئے بیان کے مطابق حکومت نے عوامی مسائل کے حل کے لیے فوری اقدامات کا فیصلہ کیا ہے اور متعلقہ اداروں کو ہدایات جاری کر دی گئی ہیں کہ وہ اپنی کارکردگی کو بہتر بنائیں اور شہریوں کو ریلیف فراہم کرنے میں کوئی کسر نہ چھوڑیں۔ اجلاس میں صوبائی وزراء، سیکرٹریز اور دیگر اعلیٰ حکام نے شرکت کی جبکہ ترقیاتی منصوبوں کی بروقت تکمیل کو یقینی بنانے پر زور دیا گیا۔ انہوں نے کہا کہ عوام کی خدمت ہماری اولین ترجیح ہے اور اس سلسلے میں کسی قسم کی غفلت برداشت نہیں کی جائے گی۔
51 روزنامہ آواز بقیہ
کی طرف سے جاری کیے گئے بیان کے مطابق حکومت نے عوامی مسائل کے حل کے لیے فوری اقدامات کا فیصلہ کیا ہے اور متعلقہ اداروں کو ہدایات جاری کر دی گئی ہیں کہ وہ اپنی کارکردگی کو بہتر بنائیں اور شہریوں کو ریلیف فراہم کرنے میں کوئی کسر نہ چھوڑیں۔ اجلاس میں صوبائی وزراء، سیکرٹریز اور دیگر اعلیٰ حکام نے شرکت کی جبکہ ترقیاتی منصوبوں کی بروقت تکمیل کو یقینی بنانے پر زور دیا گیا۔ انہوں نے کہا کہ عوام کی خدمت ہماری اولین ترجیح ہے اور اس سلسلے میں کسی قسم کی غفلت برداشت نہیں کی جائے گی۔
52 روزنامہ آواز بقیہ
کی طرف سے جاری کیے گئے بیان کے مطابق حکومت نے عوامی مسائل کے حل کے لیے فوری اقدامات کا فیصلہ کیا ہے اور متعلقہ اداروں کو ہدایات جاری کر دی گئی ہیں کہ وہ اپنی کارکردگی کو بہتر بنائیں اور شہریوں کو ریلیف فراہم کرنے میں کوئی کسر نہ چھوڑیں۔ اجلاس میں صوبائی وزراء، سیکرٹریز اور دیگر اعلیٰ حکام نے شرکت کی جبکہ ترقیاتی منصوبوں کی بروقت تکمیل کو یقینی بنانے پر زور دیا گیا۔ انہوں نے کہا کہ عوام کی خدمت ہماری اولین ترجیح ہے اور اس سلسلے میں کسی قسم کی غفلت برداشت نہیں کی جائے گی۔
53 روزنامہ آواز بقیہ
کی طرف سے جاری کیے گئے بیان کے مطابق حکومت نے عوامی مسائل کے حل کے لیے فوری اقدامات کا فیصلہ کیا ہے اور متعلقہ اداروں کو ہدایات جاری کر دی گئی ہیں کہ وہ اپنی کارکردگی کو بہتر بنائیں اور شہریوں کو ریلیف فراہم کرنے میں کوئی کسر نہ چھوڑیں۔ اجلاس میں صوبائی وزراء، سیکرٹریز اور دیگر اعلیٰ حکام نے شرکت کی جبکہ ترقیاتی منصوبوں کی بروقت تکمیل کو یقینی بنانے پر زور دیا گیا۔ انہوں نے کہا کہ عوام کی خدمت ہماری اولین ترجیح ہے اور اس سلسلے میں کسی قسم کی غفلت برداشت نہیں کی جائے گی۔
54 روزنامہ آواز بقیہ
کی طرف سے جاری کیے گئے بیان کے مطابق حکومت نے عوامی مسائل کے حل کے لیے فوری اقدامات کا فیصلہ کیا ہے اور متعلقہ اداروں کو ہدایات جاری کر دی گئی ہیں کہ وہ اپنی کارکردگی کو بہتر بنائیں اور شہریوں کو ریلیف فراہم کرنے میں کوئی کسر نہ چھوڑیں۔ اجلاس میں صوبائی وزراء، سیکرٹریز اور دیگر اعلیٰ حکام نے شرکت کی جبکہ ترقیاتی منصوبوں کی بروقت تکمیل کو یقینی بنانے پر زور دیا گیا۔ انہوں نے کہا کہ عوام کی خدمت ہماری اولین ترجیح ہے اور اس سلسلے میں کسی قسم کی غفلت برداشت نہیں کی جائے گی۔
55 روزنامہ آواز بقیہ
کی طرف سے جاری کیے گئے بیان کے مطابق حکومت نے عوامی مسائل کے حل کے لیے فوری اقدامات کا فیصلہ کیا ہے اور متعلقہ اداروں کو ہدایات جاری کر دی گئی ہیں کہ وہ اپنی کارکردگی کو بہتر بنائیں اور شہریوں کو ریلیف فراہم کرنے میں کوئی کسر نہ چھوڑیں۔ اجلاس میں صوبائی وزراء، سیکرٹریز اور دیگر اعلیٰ حکام نے شرکت کی جبکہ ترقیاتی منصوبوں کی بروقت تکمیل کو یقینی بنانے پر زور دیا گیا۔ انہوں نے کہا کہ عوام کی خدمت ہماری اولین ترجیح ہے اور اس سلسلے میں کسی قسم کی غفلت برداشت نہیں کی جائے گی۔
56 روزنامہ آواز بقیہ
کی طرف سے جاری کیے گئے بیان کے مطابق حکومت نے عوامی مسائل کے حل کے لیے فوری اقدامات کا فیصلہ کیا ہے اور متعلقہ اداروں کو ہدایات جاری کر دی گئی ہیں کہ وہ اپنی کارکردگی کو بہتر بنائیں اور شہریوں کو ریلیف فراہم کرنے میں کوئی کسر نہ چھوڑیں۔ اجلاس میں صوبائی وزراء، سیکرٹریز اور دیگر اعلیٰ حکام نے شرکت کی جبکہ ترقیاتی منصوبوں کی بروقت تکمیل کو یقینی بنانے پر زور دیا گیا۔ انہوں نے کہا کہ عوام کی خدمت ہماری اولین ترجیح ہے اور اس سلسلے میں کسی قسم کی غفلت برداشت نہیں کی جائے گی۔
57 روزنامہ آواز بقیہ
کی طرف سے جاری کیے گئے بیان کے مطابق حکومت نے عوامی مسائل کے حل کے لیے فوری اقدامات کا فیصلہ کیا ہے اور متعلقہ اداروں کو ہدایات جاری کر دی گئی ہیں کہ وہ اپنی کارکردگی کو بہتر بنائیں اور شہریوں کو ریلیف فراہم کرنے میں کوئی کسر نہ چھوڑیں۔ اجلاس میں صوبائی وزراء، سیکرٹریز اور دیگر اعلیٰ حکام نے شرکت کی جبکہ ترقیاتی منصوبوں کی بروقت تکمیل کو یقینی بنانے پر زور دیا گیا۔ انہوں نے کہا کہ عوام کی خدمت ہماری اولین ترجیح ہے اور اس سلسلے میں کسی قسم کی غفلت برداشت نہیں کی جائے گی۔
58 روزنامہ آواز بقیہ
کی طرف سے جاری کیے گئے بیان کے مطابق حکومت نے عوامی مسائل کے حل کے لیے فوری اقدامات کا فیصلہ کیا ہے اور متعلقہ اداروں کو ہدایات جاری کر دی گئی ہیں کہ وہ اپنی کارکردگی کو بہتر بنائیں اور شہریوں کو ریلیف فراہم کرنے میں کوئی کسر نہ چھوڑیں۔ اجلاس میں صوبائی وزراء، سیکرٹریز اور دیگر اعلیٰ حکام نے شرکت کی جبکہ ترقیاتی منصوبوں کی بروقت تکمیل کو یقینی بنانے پر زور دیا گیا۔ انہوں نے کہا کہ عوام کی خدمت ہماری اولین ترجیح ہے اور اس سلسلے میں کسی قسم کی غفلت برداشت نہیں کی جائے گی۔
59 روزنامہ آواز بقیہ
کی طرف سے جاری کیے گئے بیان کے مطابق حکومت نے عوامی مسائل کے حل کے لیے فوری اقدامات کا فیصلہ کیا ہے اور متعلقہ اداروں کو ہدایات جاری کر دی گئی ہیں کہ وہ اپنی کارکردگی کو بہتر بنائیں اور شہریوں کو ریلیف فراہم کرنے میں کوئی کسر نہ چھوڑیں۔ اجلاس میں صوبائی وزراء، سیکرٹریز اور دیگر اعلیٰ حکام نے شرکت کی جبکہ ترقیاتی منصوبوں کی بروقت تکمیل کو یقینی بنانے پر زور دیا گیا۔ انہوں نے کہا کہ عوام کی خدمت ہماری اولین ترجیح ہے اور اس سلسلے میں کسی قسم کی غفلت برداشت نہیں کی جائے گی۔
60 روزنامہ آواز بقیہ
کی طرف سے جاری کیے گئے بیان کے مطابق حکومت نے عوامی مسائل کے حل کے لیے فوری اقدامات کا فیصلہ کیا ہے اور متعلقہ اداروں کو ہدایات جاری کر دی گئی ہیں کہ وہ اپنی کارکردگی کو بہتر بنائیں اور شہریوں کو ریلیف فراہم کرنے میں کوئی کسر نہ چھوڑیں۔ اجلاس میں صوبائی وزراء، سیکرٹریز اور دیگر اعلیٰ حکام نے شرکت کی جبکہ ترقیاتی منصوبوں کی بروقت تکمیل کو یقینی بنانے پر زور دیا گیا۔ انہوں نے کہا کہ عوام کی خدمت ہماری اولین ترجیح ہے اور اس سلسلے میں کسی قسم کی غفلت برداشت نہیں کی جائے گی۔
☆ ☆ ☆ ☆
بعدالت جناب سول جج صاحب اول ٹرائل کورٹ گلگت نمبر 5931 / OWFC / 2025 مورخہ 21-08-2025 اشتہار جاری کیا جاتا ہے کہ بروز 23-08-2025 کو بوقت 11:00 بجے حاضر عدالت ہوں
گمشدگی کا غذات
میرا شناختی کارڈ نمبر 1991 جس کا سیریل نمبر KK-558 کہیں گم ہو گیا ہے اگر کسی صاحب کو ملے تو براہ مہربانی درج ذیل نمبر پر رابطہ کریں
0360700-81204
